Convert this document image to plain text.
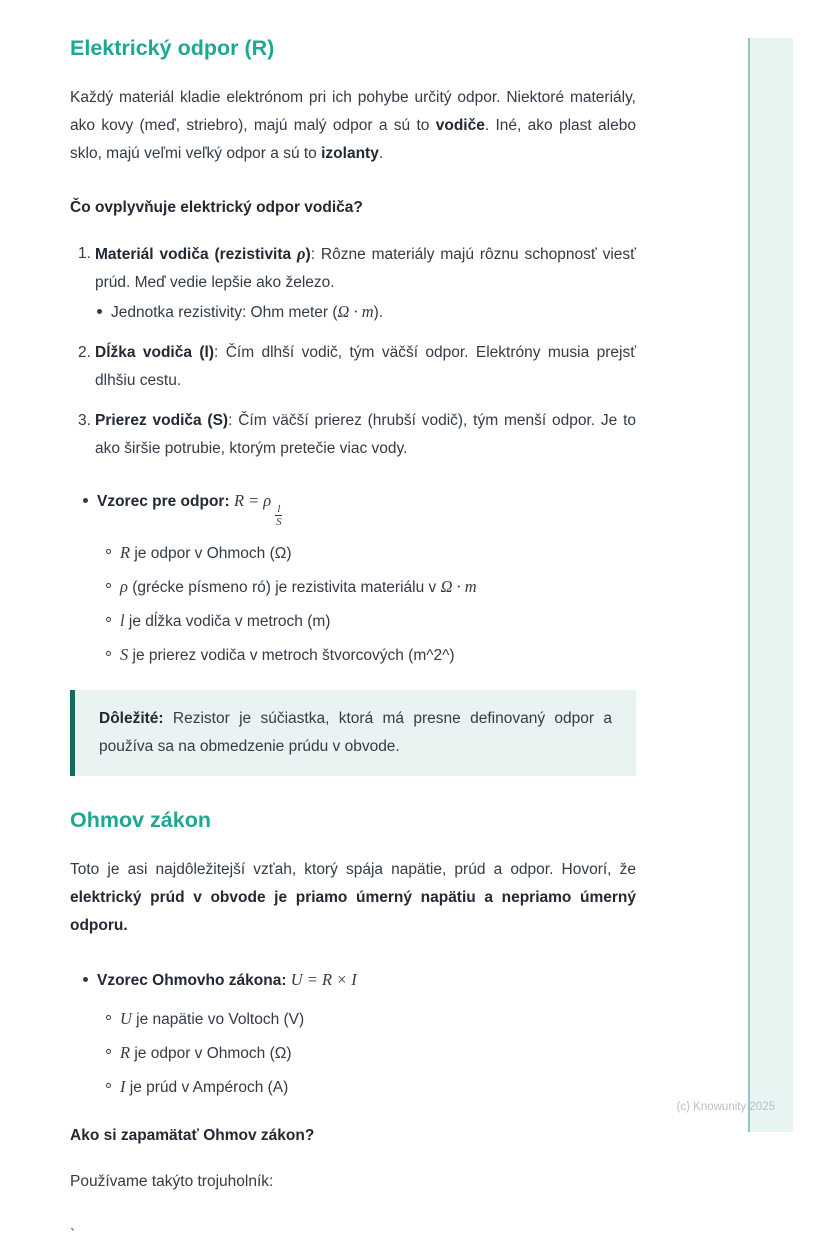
Elektrický odpor (R)

Každý materiál kladie elektrónom pri ich pohybe určitý odpor. Niektoré materiály, ako kovy (meď, striebro), majú malý odpor a sú to vodiče. Iné, ako plast alebo sklo, majú veľmi veľký odpor a sú to izolanty.

Čo ovplyvňuje elektrický odpor vodiča?
1. Materiál vodiča (rezistivita ρ): Rôzne materiály majú rôznu schopnosť viesť prúd. Meď vedie lepšie ako železo.
Jednotka rezistivity: Ohm meter (Ω · m).
2. Dĺžka vodiča (l): Čím dlhší vodič, tým väčší odpor. Elektróny musia prejsť dlhšiu cestu.
3. Prierez vodiča (S): Čím väčší prierez (hrubší vodič), tým menší odpor. Je to ako širšie potrubie, ktorým pretečie viac vody.
Vzorec pre odpor: R = ρ
$\frac{l}{S}$
R je odpor v Ohmoch (Ω)
ρ (grécke písmeno ró) je rezistivita materiálu v Ω · m
l je dĺžka vodiča v metroch (m)
S je prierez vodiča v metroch štvorcových (m^2^)
Dôležité: Rezistor je súčiastka, ktorá má presne definovaný odpor a používa sa na obmedzenie prúdu v obvode.
Ohmov zákon

Toto je asi najdôležitejší vzťah, ktorý spája napätie, prúd a odpor. Hovorí, že elektrický prúd v obvode je priamo úmerný napätiu a nepriamo úmerný odporu.

Vzorec Ohmovho zákona: U = R × I
U je napätie vo Voltoch (V)
R je odpor v Ohmoch (Ω)
I je prúd v Ampéroch (A)
Ako si zapamätať Ohmov zákon?

Používame takýto trojuholník:

`

(c) Knowunity 2025
